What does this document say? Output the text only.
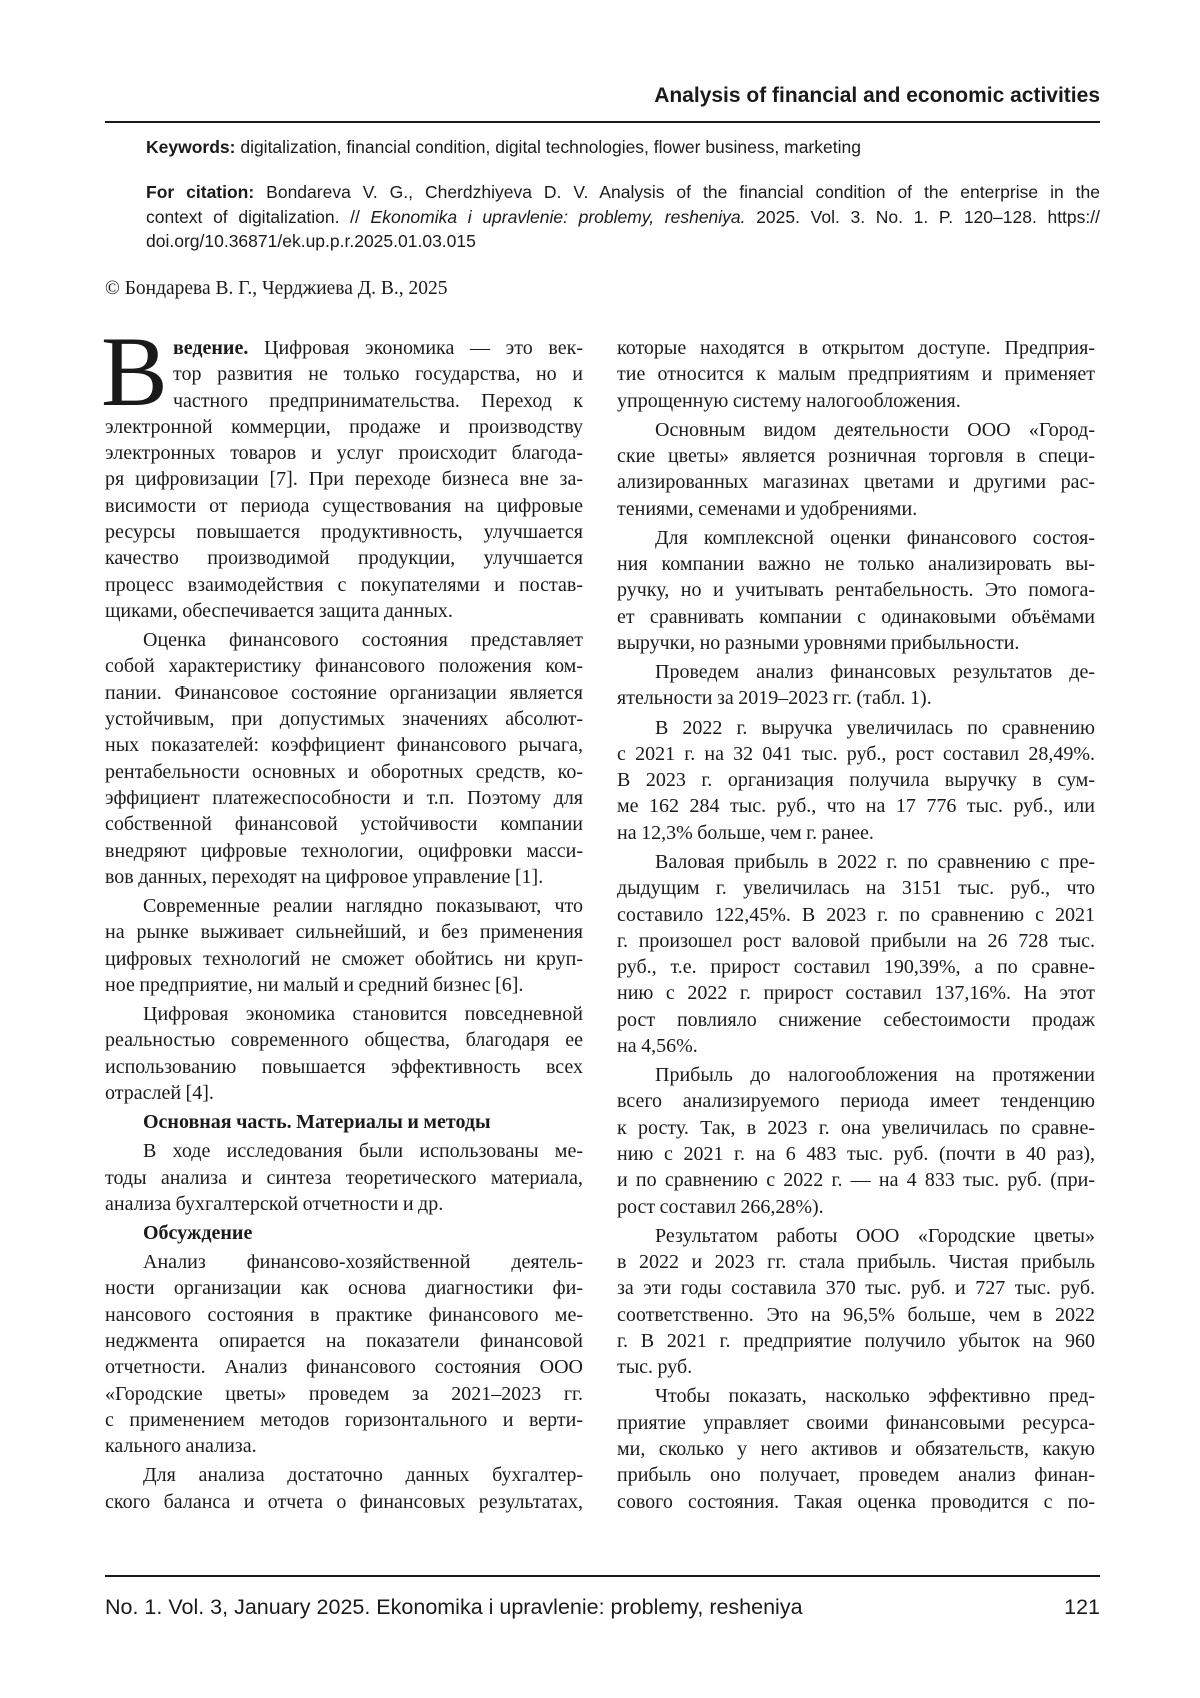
Analysis of financial and economic activities
Keywords: digitalization, financial condition, digital technologies, flower business, marketing
For citation: Bondareva V. G., Cherdzhiyeva D. V. Analysis of the financial condition of the enterprise in the
context of digitalization. // Ekonomika i upravlenie: problemy, resheniya. 2025. Vol. 3. No. 1. P. 120–128. https://
doi.org/10.36871/ek.up.p.r.2025.01.03.015
© Бондарева В. Г., Черджиева Д. В., 2025
В ведение. Цифровая экономика — это век-
тор развития не только государства, но и
частного предпринимательства. Переход к
электронной коммерции, продаже и производству
электронных товаров и услуг происходит благода-
ря цифровизации [7]. При переходе бизнеса вне за-
висимости от периода существования на цифровые
ресурсы повышается продуктивность, улучшается
качество производимой продукции, улучшается
процесс взаимодействия с покупателями и постав-
щиками, обеспечивается защита данных.
Оценка финансового состояния представляет
собой характеристику финансового положения ком-
пании. Финансовое состояние организации является
устойчивым, при допустимых значениях абсолют-
ных показателей: коэффициент финансового рычага,
рентабельности основных и оборотных средств, ко-
эффициент платежеспособности и т.п. Поэтому для
собственной финансовой устойчивости компании
внедряют цифровые технологии, оцифровки масси-
вов данных, переходят на цифровое управление [1].
Современные реалии наглядно показывают, что
на рынке выживает сильнейший, и без применения
цифровых технологий не сможет обойтись ни круп-
ное предприятие, ни малый и средний бизнес [6].
Цифровая экономика становится повседневной
реальностью современного общества, благодаря ее
использованию повышается эффективность всех
отраслей [4].
Основная часть. Материалы и методы
В ходе исследования были использованы ме-
тоды анализа и синтеза теоретического материала,
анализа бухгалтерской отчетности и др.
Обсуждение
Анализ финансово-хозяйственной деятель-
ности организации как основа диагностики фи-
нансового состояния в практике финансового ме-
неджмента опирается на показатели финансовой
отчетности. Анализ финансового состояния ООО
«Городские цветы» проведем за 2021–2023 гг.
с применением методов горизонтального и верти-
кального анализа.
Для анализа достаточно данных бухгалтер-
ского баланса и отчета о финансовых результатах,
которые находятся в открытом доступе. Предприя-
тие относится к малым предприятиям и применяет
упрощенную систему налогообложения.
Основным видом деятельности ООО «Город-
ские цветы» является розничная торговля в специ-
ализированных магазинах цветами и другими рас-
тениями, семенами и удобрениями.
Для комплексной оценки финансового состоя-
ния компании важно не только анализировать вы-
ручку, но и учитывать рентабельность. Это помога-
ет сравнивать компании с одинаковыми объёмами
выручки, но разными уровнями прибыльности.
Проведем анализ финансовых результатов де-
ятельности за 2019–2023 гг. (табл. 1).
В 2022 г. выручка увеличилась по сравнению
с 2021 г. на 32 041 тыс. руб., рост составил 28,49%.
В 2023 г. организация получила выручку в сум-
ме 162 284 тыс. руб., что на 17 776 тыс. руб., или
на 12,3% больше, чем г. ранее.
Валовая прибыль в 2022 г. по сравнению с пре-
дыдущим г. увеличилась на 3151 тыс. руб., что
составило 122,45%. В 2023 г. по сравнению с 2021
г. произошел рост валовой прибыли на 26 728 тыс.
руб., т.е. прирост составил 190,39%, а по сравне-
нию с 2022 г. прирост составил 137,16%. На этот
рост повлияло снижение себестоимости продаж
на 4,56%.
Прибыль до налогообложения на протяжении
всего анализируемого периода имеет тенденцию
к росту. Так, в 2023 г. она увеличилась по сравне-
нию с 2021 г. на 6 483 тыс. руб. (почти в 40 раз),
и по сравнению с 2022 г. — на 4 833 тыс. руб. (при-
рост составил 266,28%).
Результатом работы ООО «Городские цветы»
в 2022 и 2023 гг. стала прибыль. Чистая прибыль
за эти годы составила 370 тыс. руб. и 727 тыс. руб.
соответственно. Это на 96,5% больше, чем в 2022
г. В 2021 г. предприятие получило убыток на 960
тыс. руб.
Чтобы показать, насколько эффективно пред-
приятие управляет своими финансовыми ресурса-
ми, сколько у него активов и обязательств, какую
прибыль оно получает, проведем анализ финан-
сового состояния. Такая оценка проводится с по-
No. 1. Vol. 3, January 2025. Ekonomika i upravlenie: problemy, resheniya	121
